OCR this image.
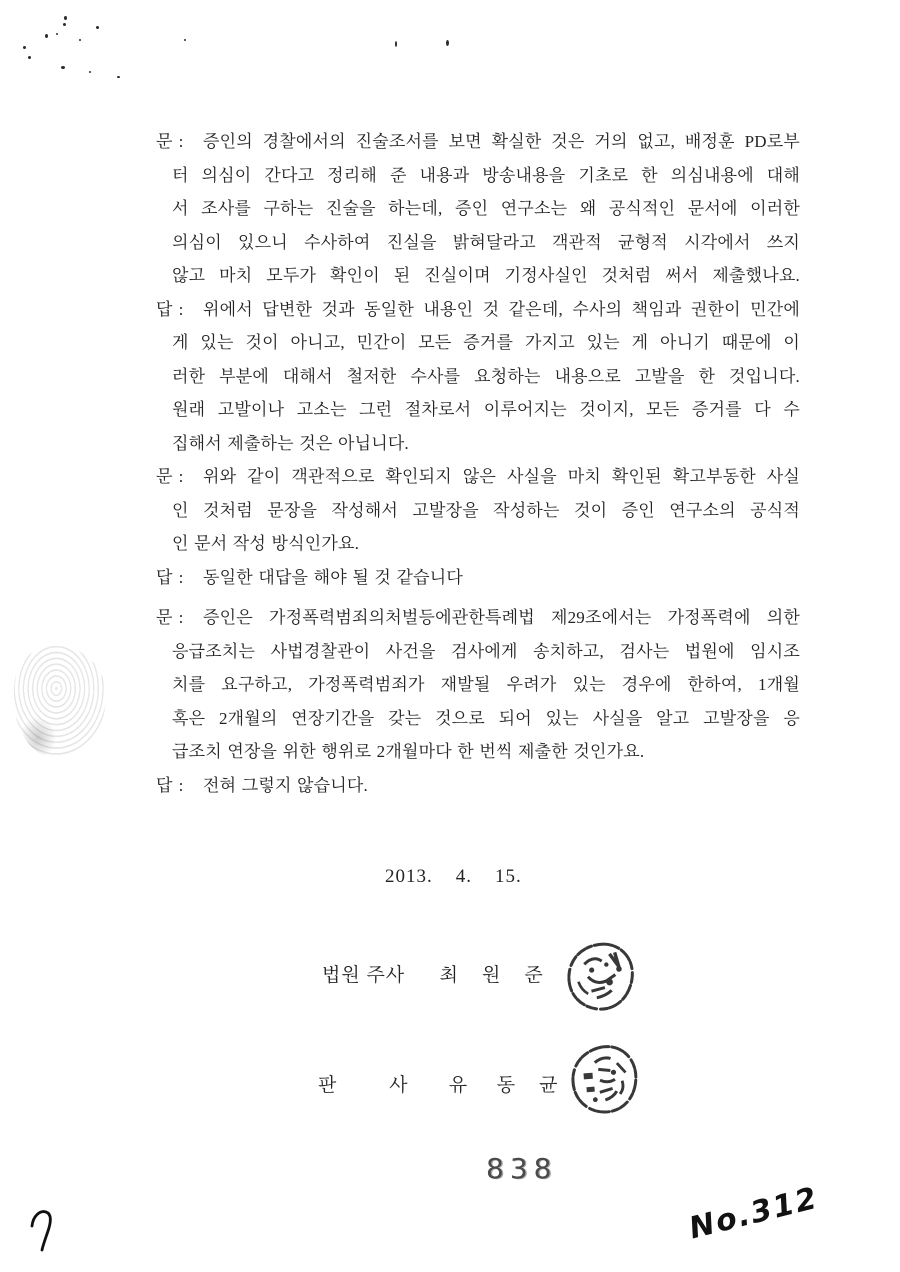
문 :	증인의 경찰에서의 진술조서를 보면 확실한 것은 거의 없고, 배정훈 PD로부
터 의심이 간다고 정리해 준 내용과 방송내용을 기초로 한 의심내용에 대해
서 조사를 구하는 진술을 하는데, 증인 연구소는 왜 공식적인 문서에 이러한
의심이 있으니 수사하여 진실을 밝혀달라고 객관적 균형적 시각에서 쓰지
않고 마치 모두가 확인이 된 진실이며 기정사실인 것처럼 써서 제출했나요.
답 :	위에서 답변한 것과 동일한 내용인 것 같은데, 수사의 책임과 권한이 민간에
게 있는 것이 아니고, 민간이 모든 증거를 가지고 있는 게 아니기 때문에 이
러한 부분에 대해서 철저한 수사를 요청하는 내용으로 고발을 한 것입니다.
원래 고발이나 고소는 그런 절차로서 이루어지는 것이지, 모든 증거를 다 수
집해서 제출하는 것은 아닙니다.
문 :	위와 같이 객관적으로 확인되지 않은 사실을 마치 확인된 확고부동한 사실
인 것처럼 문장을 작성해서 고발장을 작성하는 것이 증인 연구소의 공식적
인 문서 작성 방식인가요.
답 :	동일한 대답을 해야 될 것 같습니다
문 :	증인은 가정폭력범죄의처벌등에관한특례법 제29조에서는 가정폭력에 의한
응급조치는 사법경찰관이 사건을 검사에게 송치하고, 검사는 법원에 임시조
치를 요구하고, 가정폭력범죄가 재발될 우려가 있는 경우에 한하여, 1개월
혹은 2개월의 연장기간을 갖는 것으로 되어 있는 사실을 알고 고발장을 응
급조치 연장을 위한 행위로 2개월마다 한 번씩 제출한 것인가요.
답 :	전혀 그렇지 않습니다.
2013.    4.    15.
법원 주사      최    원    준
판         사       유     동    균
838
No.312
